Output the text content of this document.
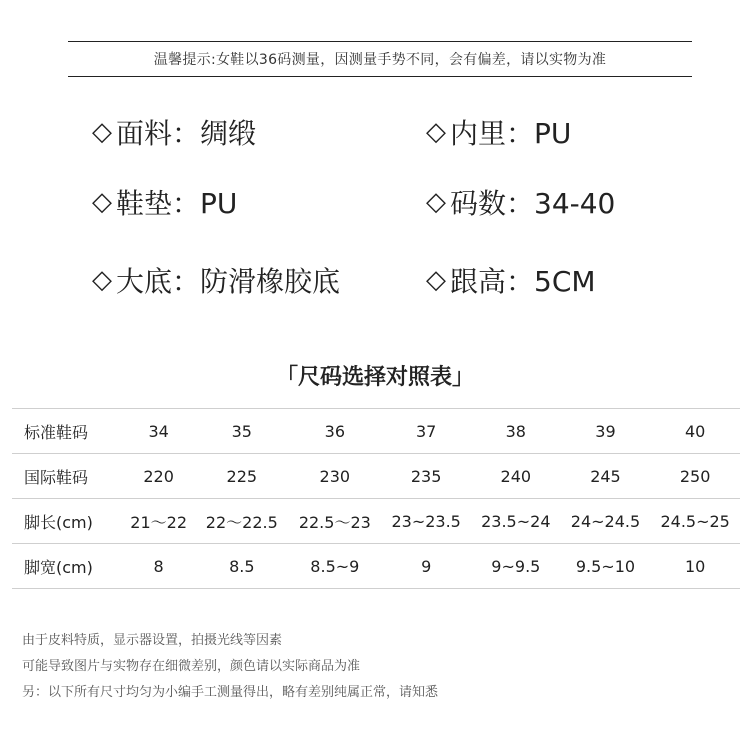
温馨提示:女鞋以36码测量，因测量手势不同，会有偏差，请以实物为准
◇ 面料：绸缎	◇ 内里：PU
◇ 鞋垫：PU	◇ 码数：34-40
◇ 大底：防滑橡胶底	◇ 跟高：5CM
「尺码选择对照表」
标准鞋码	34	35	36	37	38	39	40
国际鞋码	220	225	230	235	240	245	250
脚长(cm)	21～22	22～22.5	22.5～23	23~23.5	23.5~24	24~24.5	24.5~25
脚宽(cm)	8	8.5	8.5~9	9	9~9.5	9.5~10	10
由于皮料特质，显示器设置，拍摄光线等因素
可能导致图片与实物存在细微差别，颜色请以实际商品为准
另：以下所有尺寸均匀为小编手工测量得出，略有差别纯属正常，请知悉
